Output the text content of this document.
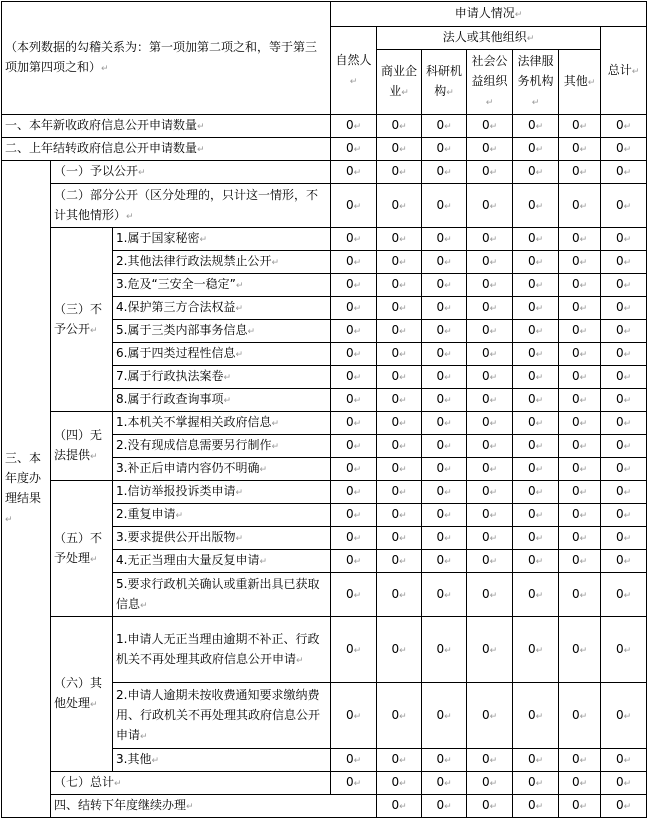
（本列数据的勾稽关系为：第一项加第二项之和，等于第三项加第四项之和）↵			申请人情况↵							
			自然人↵	法人或其他组织↵					总计↵	
				商业企业↵	科研机构↵	社会公益组织↵	法律服务机构↵	其他↵		
一、本年新收政府信息公开申请数量↵			0↵	0↵	0↵	0↵	0↵	0↵	0↵	
二、上年结转政府信息公开申请数量↵			0↵	0↵	0↵	0↵	0↵	0↵	0↵	
三、本年度办理结果↵	（一）予以公开↵		0↵	0↵	0↵	0↵	0↵	0↵	0↵	
	（二）部分公开（区分处理的，只计这一情形，不计其他情形）↵		0↵	0↵	0↵	0↵	0↵	0↵	0↵	
	（三）不予公开↵	1.属于国家秘密↵	0↵	0↵	0↵	0↵	0↵	0↵	0↵	
		2.其他法律行政法规禁止公开↵	0↵	0↵	0↵	0↵	0↵	0↵	0↵	
		3.危及“三安全一稳定”↵	0↵	0↵	0↵	0↵	0↵	0↵	0↵	
		4.保护第三方合法权益↵	0↵	0↵	0↵	0↵	0↵	0↵	0↵	
		5.属于三类内部事务信息↵	0↵	0↵	0↵	0↵	0↵	0↵	0↵	
		6.属于四类过程性信息↵	0↵	0↵	0↵	0↵	0↵	0↵	0↵	
		7.属于行政执法案卷↵	0↵	0↵	0↵	0↵	0↵	0↵	0↵	
		8.属于行政查询事项↵	0↵	0↵	0↵	0↵	0↵	0↵	0↵	
	（四）无法提供↵	1.本机关不掌握相关政府信息↵	0↵	0↵	0↵	0↵	0↵	0↵	0↵	
		2.没有现成信息需要另行制作↵	0↵	0↵	0↵	0↵	0↵	0↵	0↵	
		3.补正后申请内容仍不明确↵	0↵	0↵	0↵	0↵	0↵	0↵	0↵	
	（五）不予处理↵	1.信访举报投诉类申请↵	0↵	0↵	0↵	0↵	0↵	0↵	0↵	
		2.重复申请↵	0↵	0↵	0↵	0↵	0↵	0↵	0↵	
		3.要求提供公开出版物↵	0↵	0↵	0↵	0↵	0↵	0↵	0↵	
		4.无正当理由大量反复申请↵	0↵	0↵	0↵	0↵	0↵	0↵	0↵	
		5.要求行政机关确认或重新出具已获取信息↵	0↵	0↵	0↵	0↵	0↵	0↵	0↵	
	（六）其他处理↵	1.申请人无正当理由逾期不补正、行政机关不再处理其政府信息公开申请↵	0↵	0↵	0↵	0↵	0↵	0↵	0↵	
		2.申请人逾期未按收费通知要求缴纳费用、行政机关不再处理其政府信息公开申请↵	0↵	0↵	0↵	0↵	0↵	0↵	0↵	
		3.其他↵	0↵	0↵	0↵	0↵	0↵	0↵	0↵	
	（七）总计↵		0↵	0↵	0↵	0↵	0↵	0↵	0↵	
	四、结转下年度继续办理↵			0↵	0↵	0↵	0↵	0↵	0↵	
